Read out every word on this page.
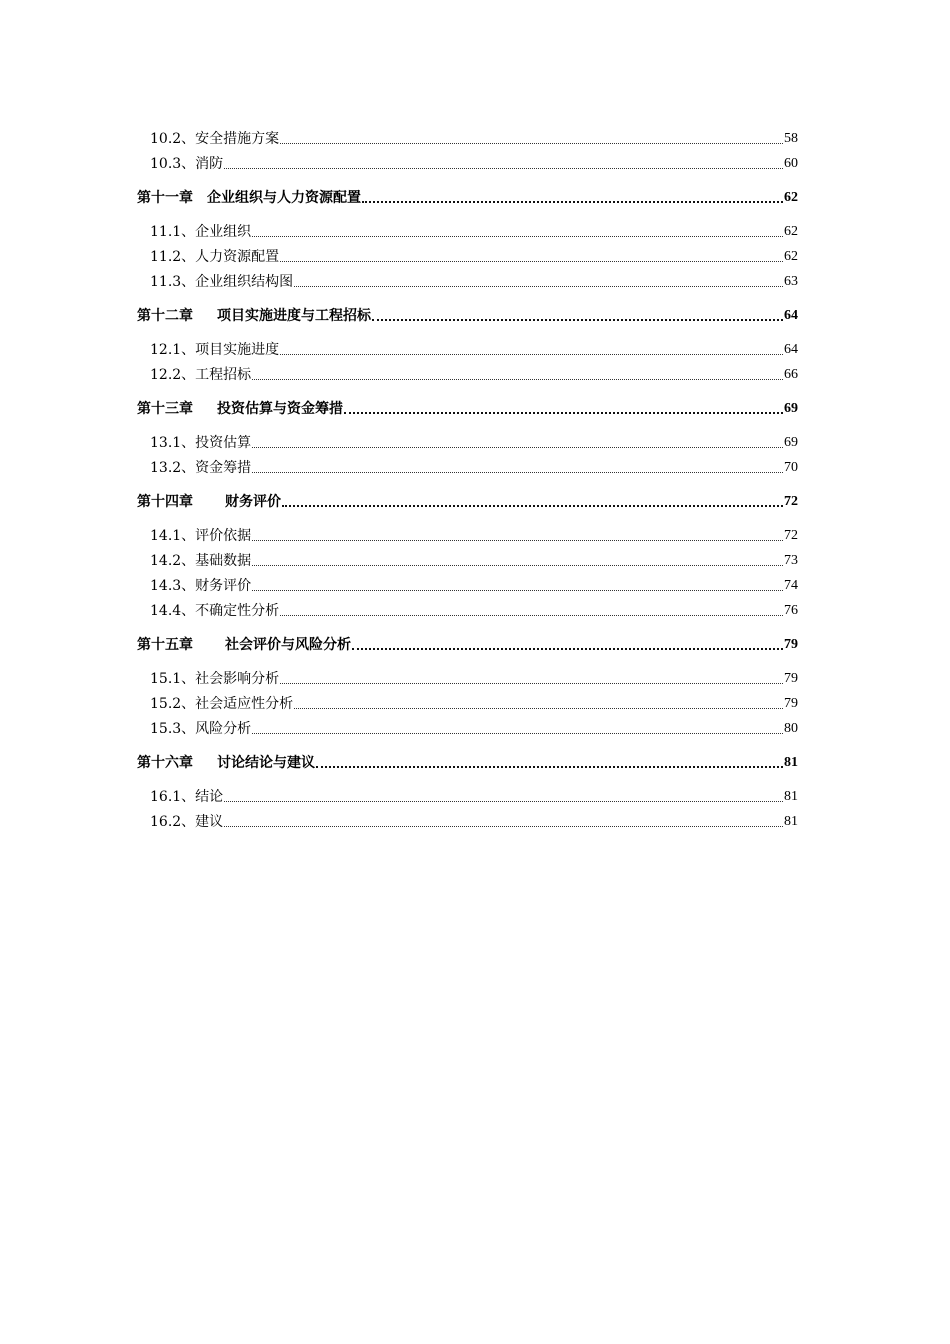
10.2、 安全措施方案	58
10.3、 消防	60
第十一章 企业组织与人力资源配置	62
11.1、 企业组织	62
11.2、 人力资源配置	62
11.3、 企业组织结构图	63
第十二章 项目实施进度与工程招标	64
12.1、 项目实施进度	64
12.2、 工程招标	66
第十三章 投资估算与资金筹措	69
13.1、 投资估算	69
13.2、 资金筹措	70
第十四章 财务评价	72
14.1、 评价依据	72
14.2、 基础数据	73
14.3、 财务评价	74
14.4、 不确定性分析	76
第十五章 社会评价与风险分析	79
15.1、 社会影响分析	79
15.2、 社会适应性分析	79
15.3、 风险分析	80
第十六章 讨论结论与建议	81
16.1、 结论	81
16.2、 建议	81
